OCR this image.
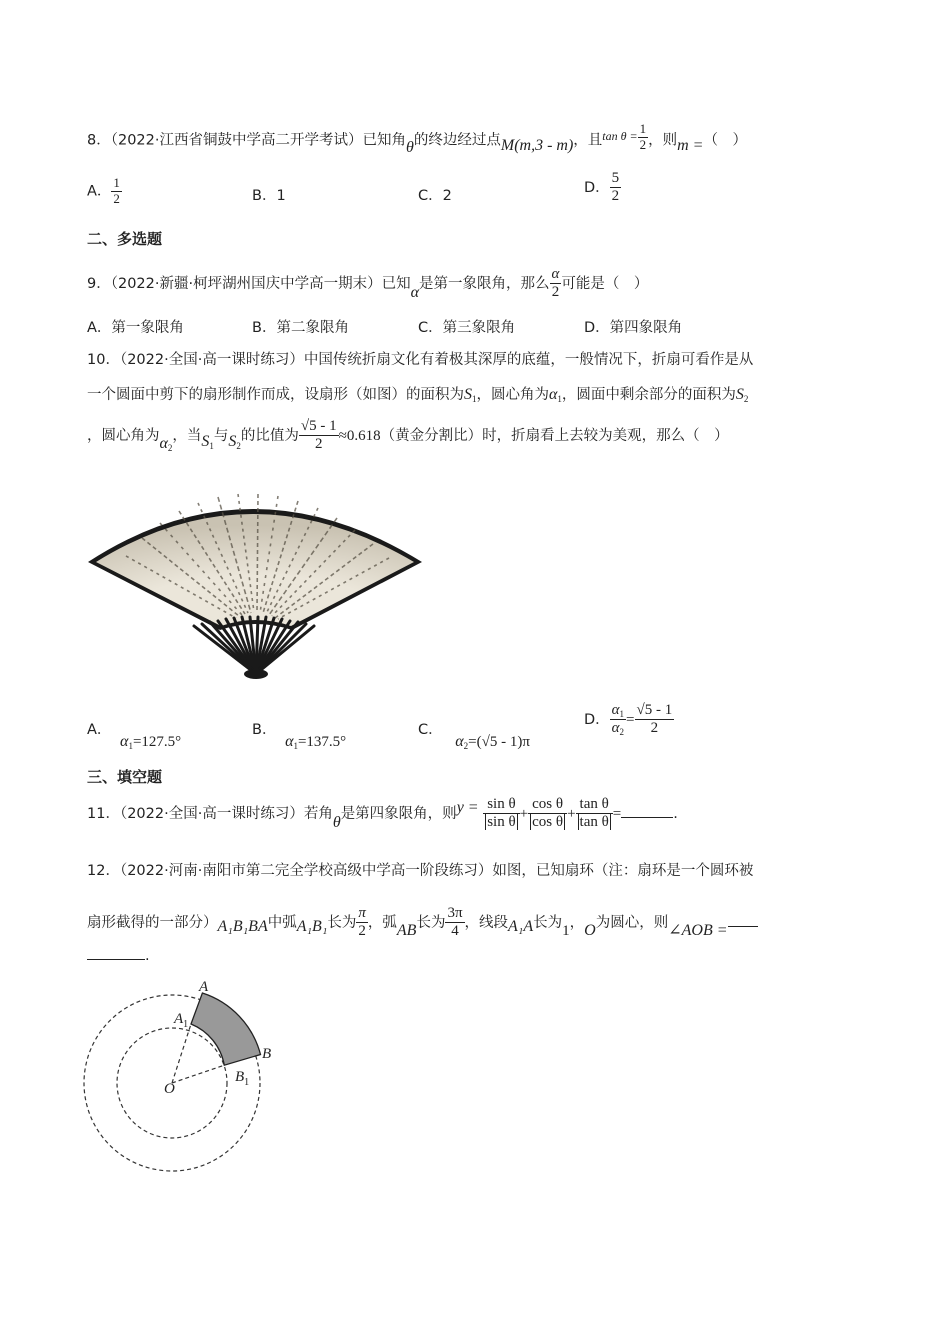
8．（2022·江西省铜鼓中学高二开学考试）已知角θ的终边经过点M(m,3 - m)，且$^{tan \theta =} \frac{1}{2}$ ，则m =（　）
A． $\frac{1}{2}$	B．1	C．2
D． $\frac{5}{2}$
二、多选题
9．（2022·新疆·柯坪湖州国庆中学高一期末）已知α是第一象限角，那么 $\frac{\alpha}{2}$ 可能是（　）
A．第一象限角	B．第二象限角	C．第三象限角	D．第四象限角
10．（2022·全国·高一课时练习）中国传统折扇文化有着极其深厚的底蕴，一般情况下，折扇可看作是从
一个圆面中剪下的扇形制作而成，设扇形（如图）的面积为$S_1$，圆心角为$\alpha_1$，圆面中剩余部分的面积为$S_2$
，圆心角为$\alpha_2$，当$S_1$与$S_2$的比值为 $\frac{√5 - 1}{2} \approx 0.618$（黄金分割比）时，折扇看上去较为美观，那么（　）
A． $\alpha_1=127.5^\circ$
B． $\alpha_1=137.5^\circ$
C． $\alpha_2=(√5 - 1)\pi$
D． $\frac{\alpha_1}{\alpha_2} = \frac{√5 - 1}{2}$
三、填空题
11．（2022·全国·高一课时练习）若角θ是第四象限角，则$y = \frac{\text{sin θ}}{\text{sin θ}} + \frac{\text{cos θ}}{\text{cos θ}} + \frac{\text{tan θ}}{\text{tan θ}}$ =	.
12．（2022·河南·南阳市第二完全学校高级中学高一阶段练习）如图，已知扇环（注：扇环是一个圆环被
扇形截得的一部分）A₁B₁BA中弧A₁B₁长为 $\frac{\pi}{2}$ ，弧AB长为 $\frac{3\pi}{4}$ ，线段A₁A长为1，O为圆心，则∠AOB =
.
A
$A_1$
B
$B_1$
O
